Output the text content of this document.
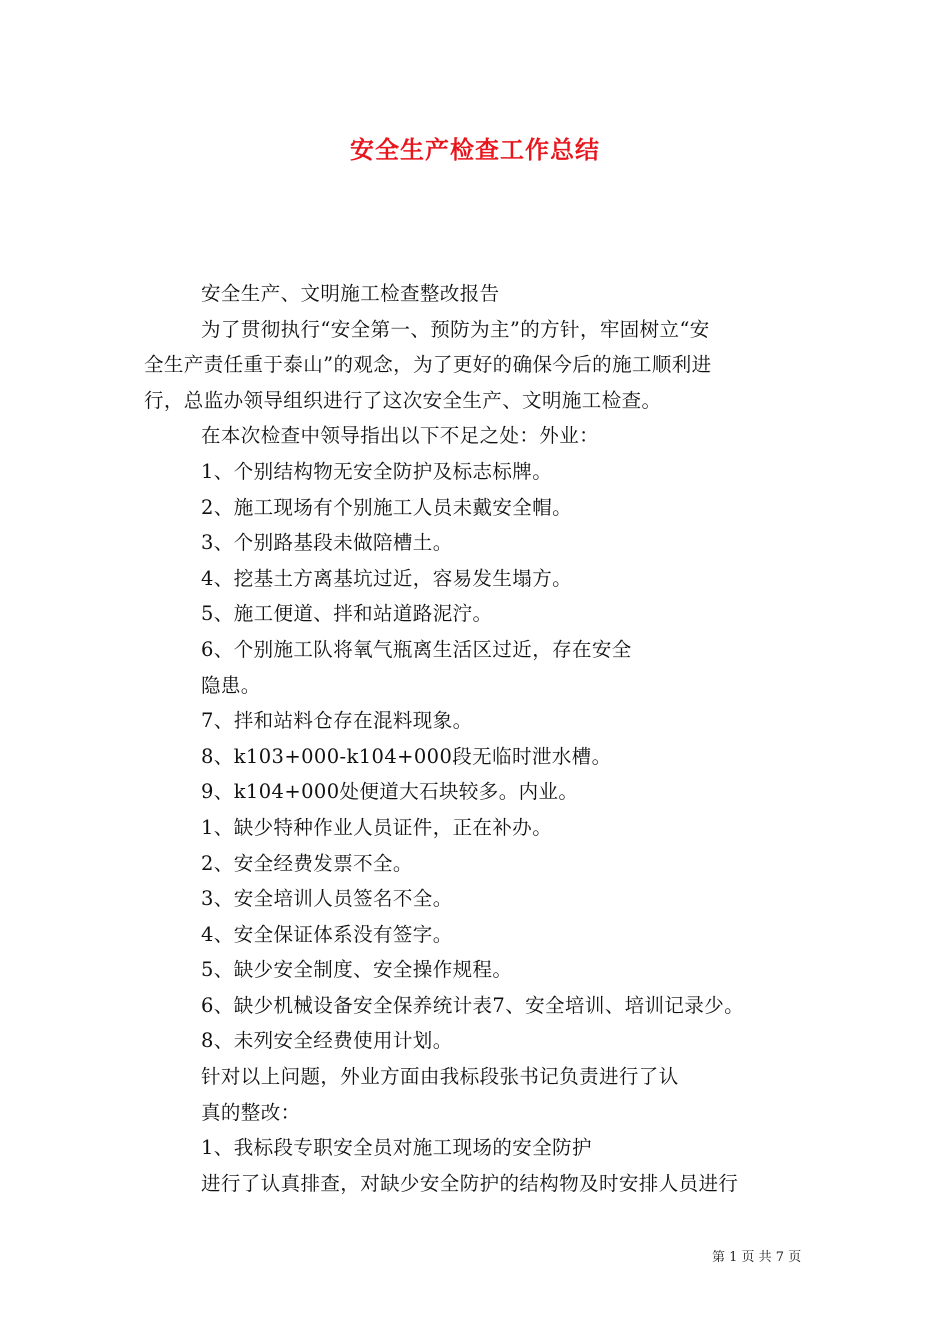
安全生产检查工作总结
安全生产、文明施工检查整改报告
为了贯彻执行“安全第一、预防为主”的方针，牢固树立“安
全生产责任重于泰山”的观念，为了更好的确保今后的施工顺利进
行，总监办领导组织进行了这次安全生产、文明施工检查。
在本次检查中领导指出以下不足之处：外业：
1、个别结构物无安全防护及标志标牌。
2、施工现场有个别施工人员未戴安全帽。
3、个别路基段未做陪槽土。
4、挖基土方离基坑过近，容易发生塌方。
5、施工便道、拌和站道路泥泞。
6、个别施工队将氧气瓶离生活区过近，存在安全
隐患。
7、拌和站料仓存在混料现象。
8、k103+000-k104+000段无临时泄水槽。
9、k104+000处便道大石块较多。内业。
1、缺少特种作业人员证件，正在补办。
2、安全经费发票不全。
3、安全培训人员签名不全。
4、安全保证体系没有签字。
5、缺少安全制度、安全操作规程。
6、缺少机械设备安全保养统计表7、安全培训、培训记录少。
8、未列安全经费使用计划。
针对以上问题，外业方面由我标段张书记负责进行了认
真的整改：
1、我标段专职安全员对施工现场的安全防护
进行了认真排查，对缺少安全防护的结构物及时安排人员进行
第 1 页 共 7 页
